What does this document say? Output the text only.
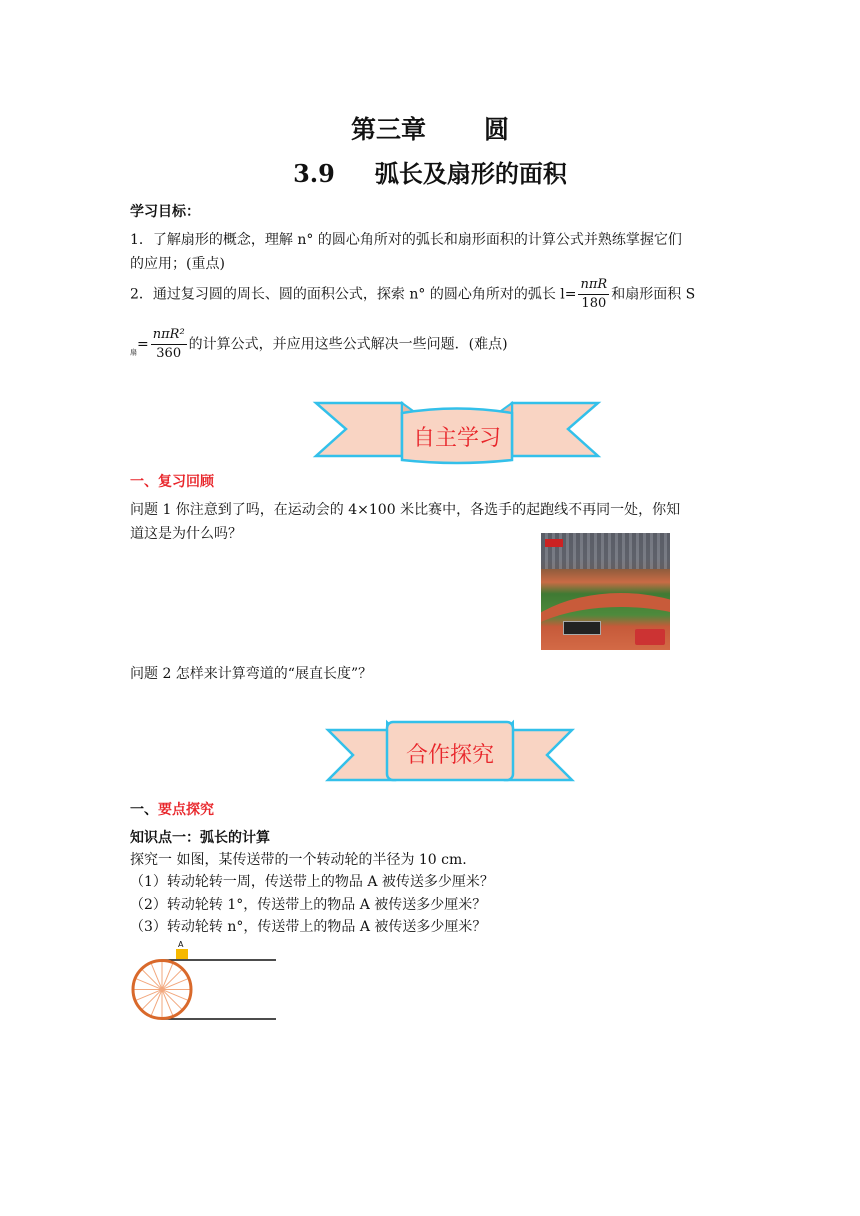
第三章 圆
3.9 弧长及扇形的面积
学习目标：
1．了解扇形的概念，理解 n° 的圆心角所对的弧长和扇形面积的计算公式并熟练掌握它们
的应用；(重点)
2．通过复习圆的周长、圆的面积公式，探索 n° 的圆心角所对的弧长 $l= \frac{\text{nπR}}{180}$ 和扇形面积 S
$_扇= \frac{\text{nπR²}}{360}$ 的计算公式，并应用这些公式解决一些问题．(难点)
自主学习
一、复习回顾
问题 1 你注意到了吗，在运动会的 4×100 米比赛中，各选手的起跑线不再同一处，你知
道这是为什么吗？
问题 2 怎样来计算弯道的“展直长度”？
合作探究
一、要点探究
知识点一：弧长的计算
探究一 如图，某传送带的一个转动轮的半径为 10 cm.
（1）转动轮转一周，传送带上的物品 A 被传送多少厘米？
（2）转动轮转 1°，传送带上的物品 A 被传送多少厘米？
（3）转动轮转 n°，传送带上的物品 A 被传送多少厘米？
A
